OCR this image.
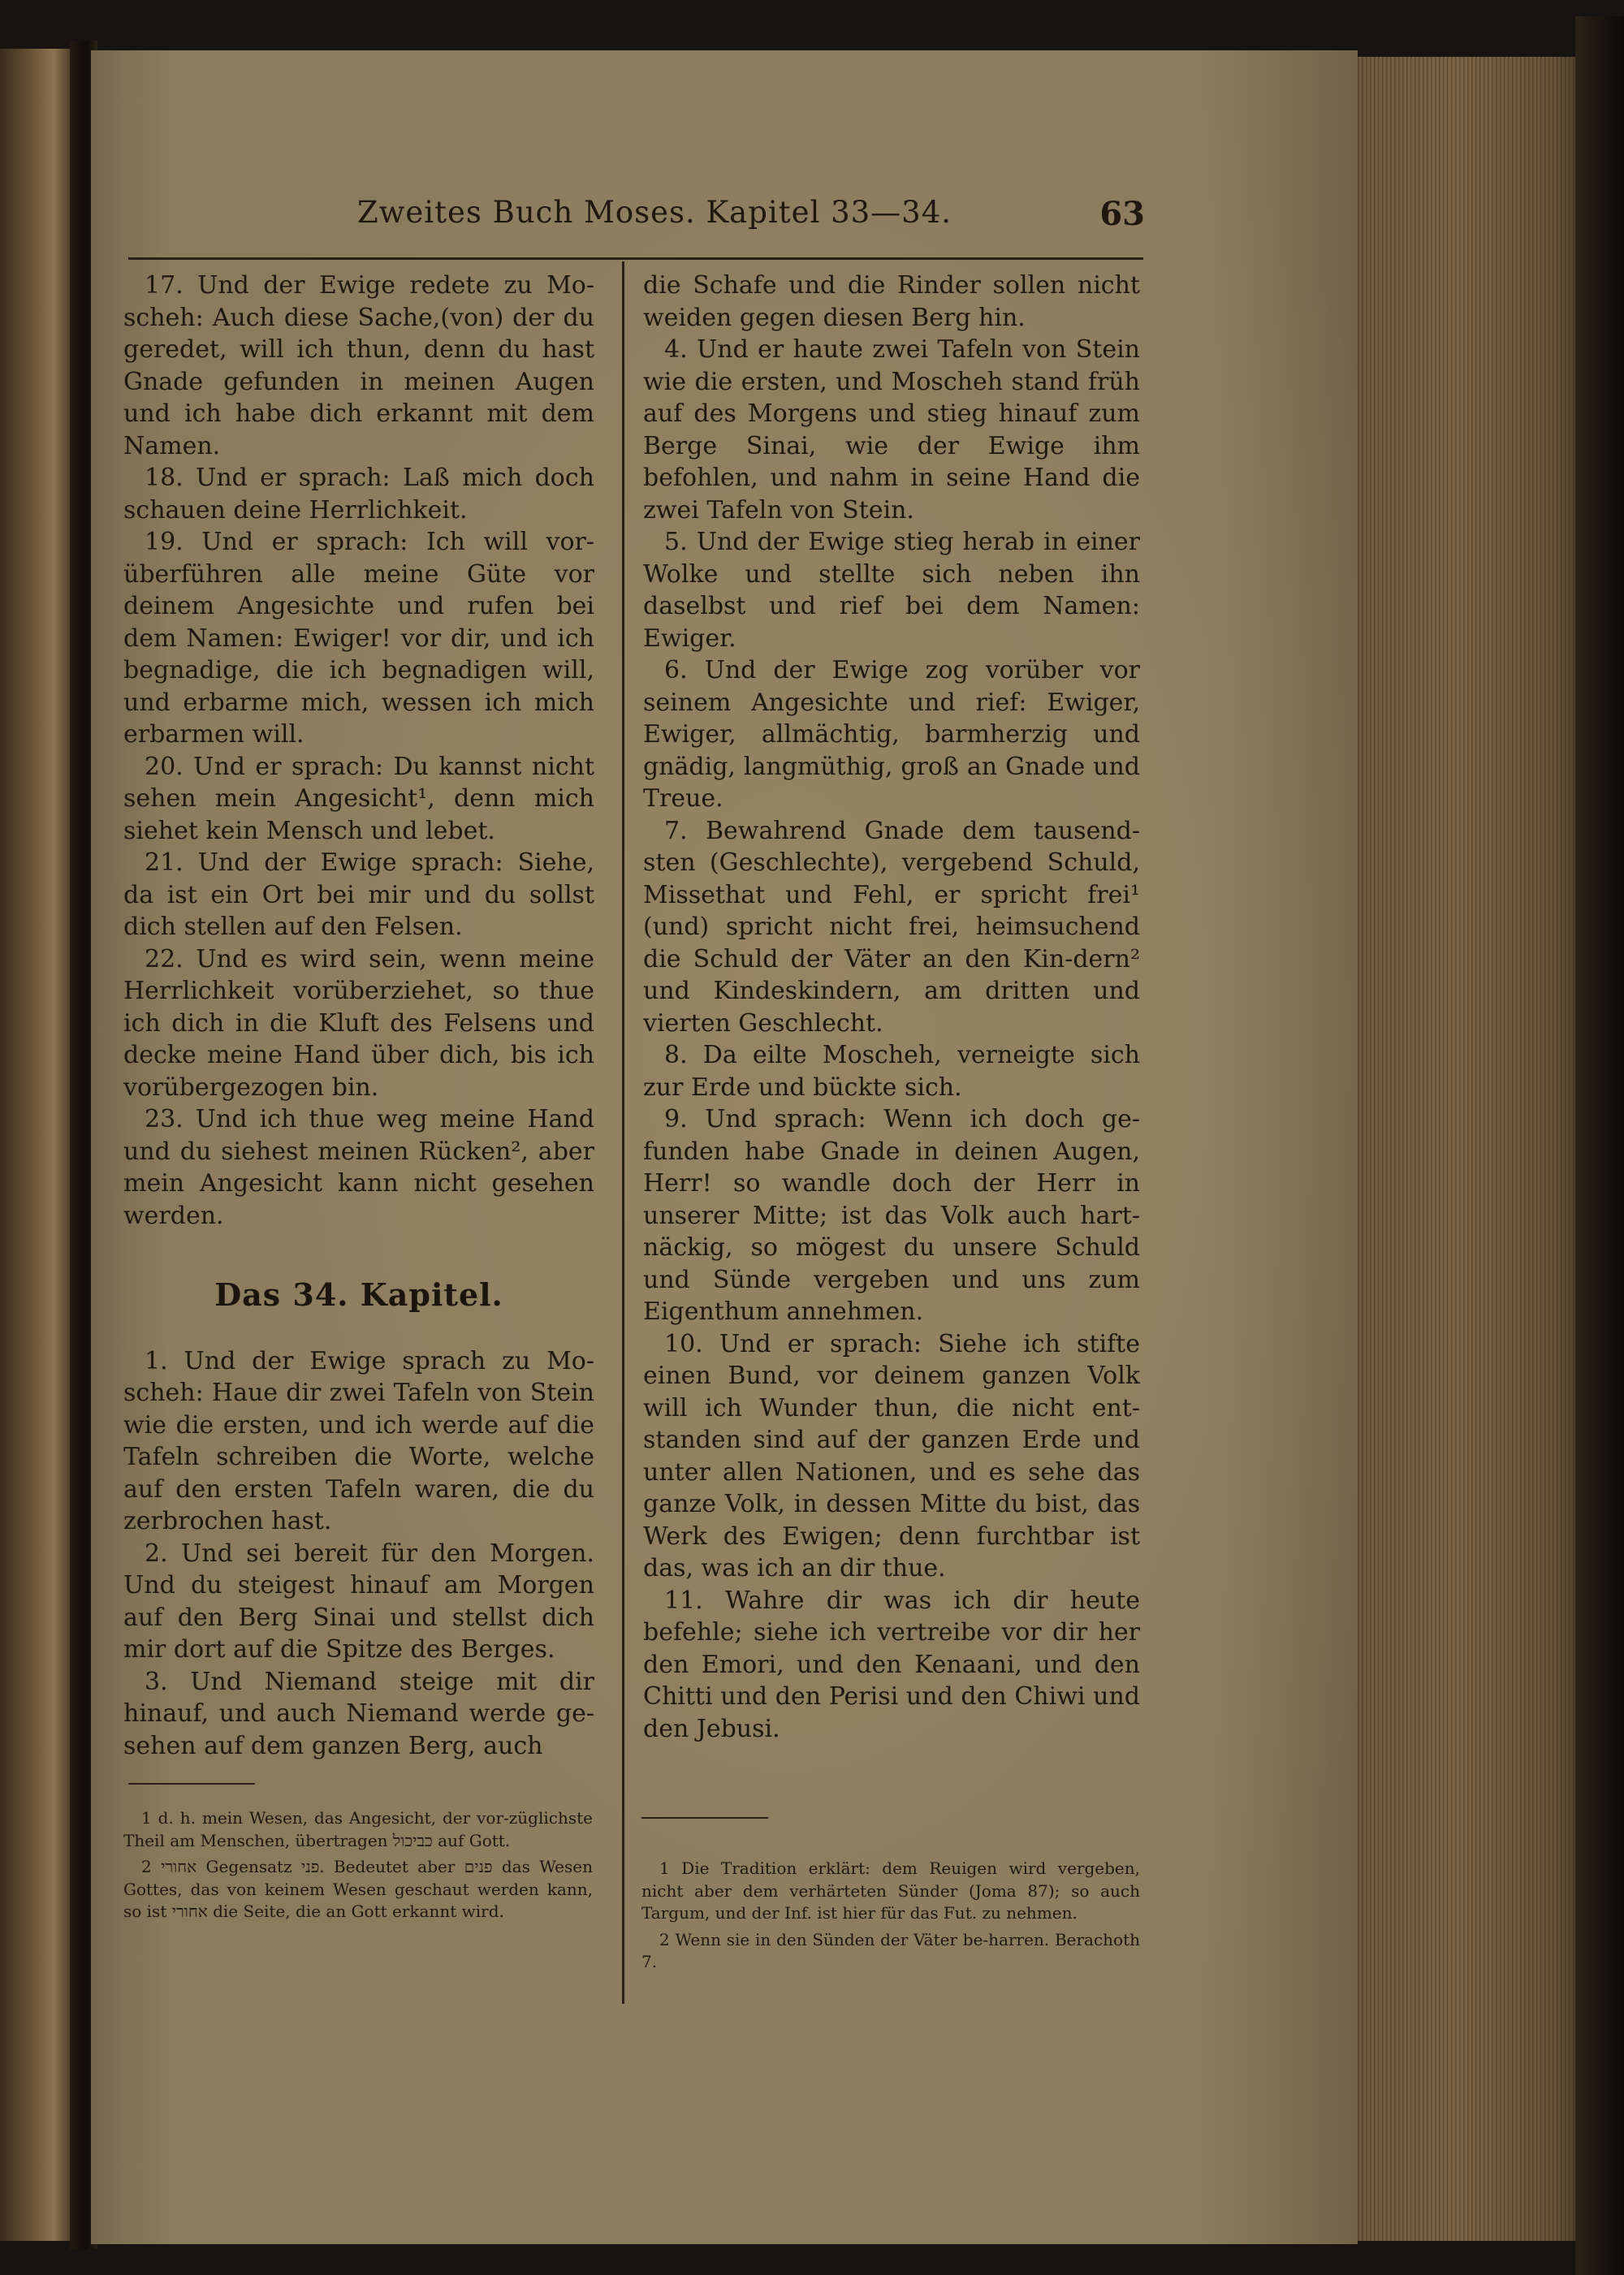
Zweites Buch Moses. Kapitel 33—34.	63

17. Und der Ewige redete zu Mo-scheh: Auch diese Sache,(von) der du geredet, will ich thun, denn du hast Gnade gefunden in meinen Augen und ich habe dich erkannt mit dem Namen.

18. Und er sprach: Laß mich doch schauen deine Herrlichkeit.

19. Und er sprach: Ich will vor-überführen alle meine Güte vor deinem Angesichte und rufen bei dem Namen: Ewiger! vor dir, und ich begnadige, die ich begnadigen will, und erbarme mich, wessen ich mich erbarmen will.

20. Und er sprach: Du kannst nicht sehen mein Angesicht¹, denn mich siehet kein Mensch und lebet.

21. Und der Ewige sprach: Siehe, da ist ein Ort bei mir und du sollst dich stellen auf den Felsen.

22. Und es wird sein, wenn meine Herrlichkeit vorüberziehet, so thue ich dich in die Kluft des Felsens und decke meine Hand über dich, bis ich vorübergezogen bin.

23. Und ich thue weg meine Hand und du siehest meinen Rücken², aber mein Angesicht kann nicht gesehen werden.

Das 34. Kapitel.

1. Und der Ewige sprach zu Mo-scheh: Haue dir zwei Tafeln von Stein wie die ersten, und ich werde auf die Tafeln schreiben die Worte, welche auf den ersten Tafeln waren, die du zerbrochen hast.

2. Und sei bereit für den Morgen. Und du steigest hinauf am Morgen auf den Berg Sinai und stellst dich mir dort auf die Spitze des Berges.

3. Und Niemand steige mit dir hinauf, und auch Niemand werde ge-sehen auf dem ganzen Berg, auch

die Schafe und die Rinder sollen nicht weiden gegen diesen Berg hin.

4. Und er haute zwei Tafeln von Stein wie die ersten, und Moscheh stand früh auf des Morgens und stieg hinauf zum Berge Sinai, wie der Ewige ihm befohlen, und nahm in seine Hand die zwei Tafeln von Stein.

5. Und der Ewige stieg herab in einer Wolke und stellte sich neben ihn daselbst und rief bei dem Namen: Ewiger.

6. Und der Ewige zog vorüber vor seinem Angesichte und rief: Ewiger, Ewiger, allmächtig, barmherzig und gnädig, langmüthig, groß an Gnade und Treue.

7. Bewahrend Gnade dem tausend-sten (Geschlechte), vergebend Schuld, Missethat und Fehl, er spricht frei¹ (und) spricht nicht frei, heimsuchend die Schuld der Väter an den Kin-dern² und Kindeskindern, am dritten und vierten Geschlecht.

8. Da eilte Moscheh, verneigte sich zur Erde und bückte sich.

9. Und sprach: Wenn ich doch ge-funden habe Gnade in deinen Augen, Herr! so wandle doch der Herr in unserer Mitte; ist das Volk auch hart-näckig, so mögest du unsere Schuld und Sünde vergeben und uns zum Eigenthum annehmen.

10. Und er sprach: Siehe ich stifte einen Bund, vor deinem ganzen Volk will ich Wunder thun, die nicht ent-standen sind auf der ganzen Erde und unter allen Nationen, und es sehe das ganze Volk, in dessen Mitte du bist, das Werk des Ewigen; denn furchtbar ist das, was ich an dir thue.

11. Wahre dir was ich dir heute befehle; siehe ich vertreibe vor dir her den Emori, und den Kenaani, und den Chitti und den Perisi und den Chiwi und den Jebusi.

1 d. h. mein Wesen, das Angesicht, der vor-züglichste Theil am Menschen, übertragen כביכול auf Gott.

2 אחורי Gegensatz פני. Bedeutet aber פנים das Wesen Gottes, das von keinem Wesen geschaut werden kann, so ist אחורי die Seite, die an Gott erkannt wird.

1 Die Tradition erklärt: dem Reuigen wird vergeben, nicht aber dem verhärteten Sünder (Joma 87); so auch Targum, und der Inf. ist hier für das Fut. zu nehmen.

2 Wenn sie in den Sünden der Väter be-harren. Berachoth 7.
